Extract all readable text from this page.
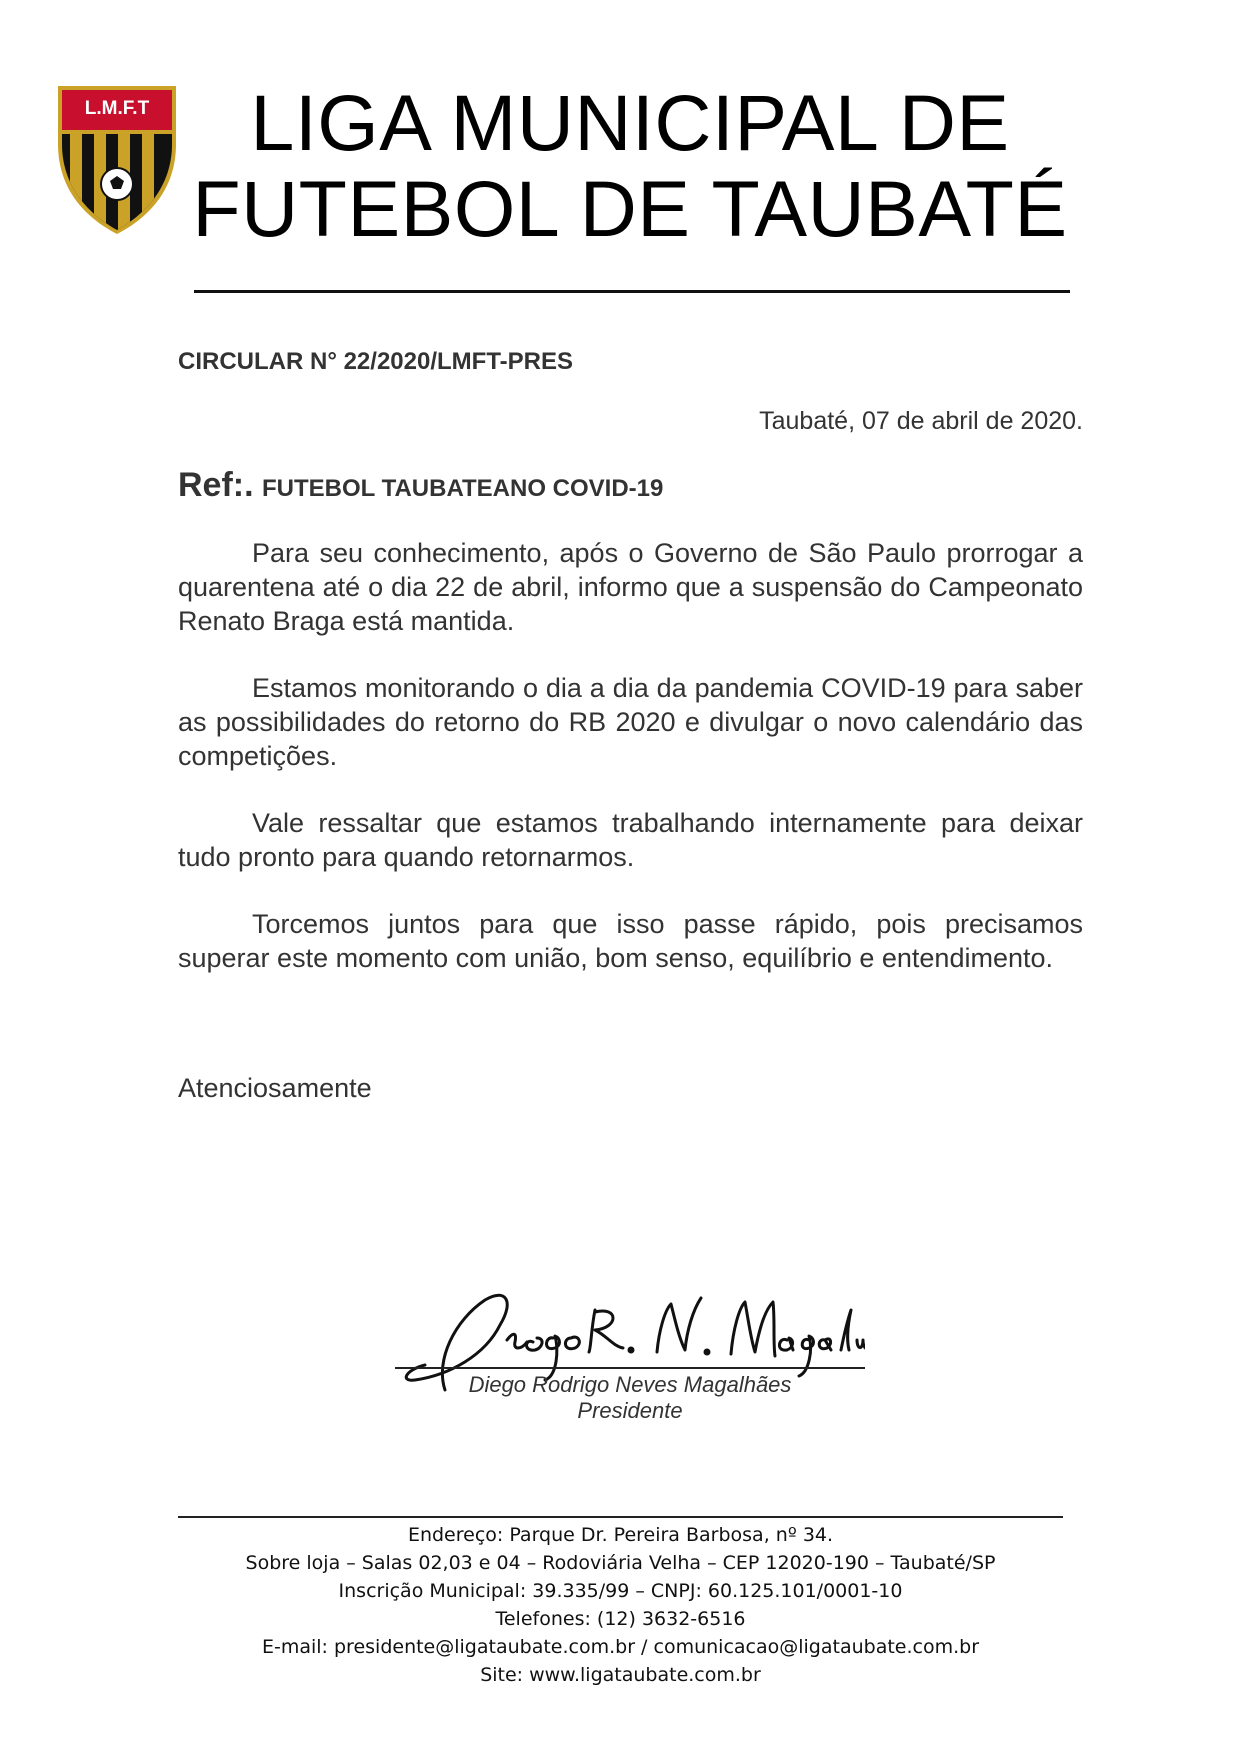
L.M.F.T	LIGA MUNICIPAL DE
FUTEBOL DE TAUBATÉ
CIRCULAR N° 22/2020/LMFT-PRES
Taubaté, 07 de abril de 2020.
Ref:. FUTEBOL TAUBATEANO COVID-19

Para seu conhecimento, após o Governo de São Paulo prorrogar a quarentena até o dia 22 de abril, informo que a suspensão do Campeonato Renato Braga está mantida.

Estamos monitorando o dia a dia da pandemia COVID-19 para saber as possibilidades do retorno do RB 2020 e divulgar o novo calendário das competições.

Vale ressaltar que estamos trabalhando internamente para deixar tudo pronto para quando retornarmos.

Torcemos juntos para que isso passe rápido, pois precisamos superar este momento com união, bom senso, equilíbrio e entendimento.

Atenciosamente
Diego Rodrigo Neves Magalhães
Presidente
Endereço: Parque Dr. Pereira Barbosa, nº 34.
Sobre loja – Salas 02,03 e 04 – Rodoviária Velha – CEP 12020-190 – Taubaté/SP
Inscrição Municipal: 39.335/99 – CNPJ: 60.125.101/0001-10
Telefones: (12) 3632-6516
E-mail: presidente@ligataubate.com.br / comunicacao@ligataubate.com.br
Site: www.ligataubate.com.br
